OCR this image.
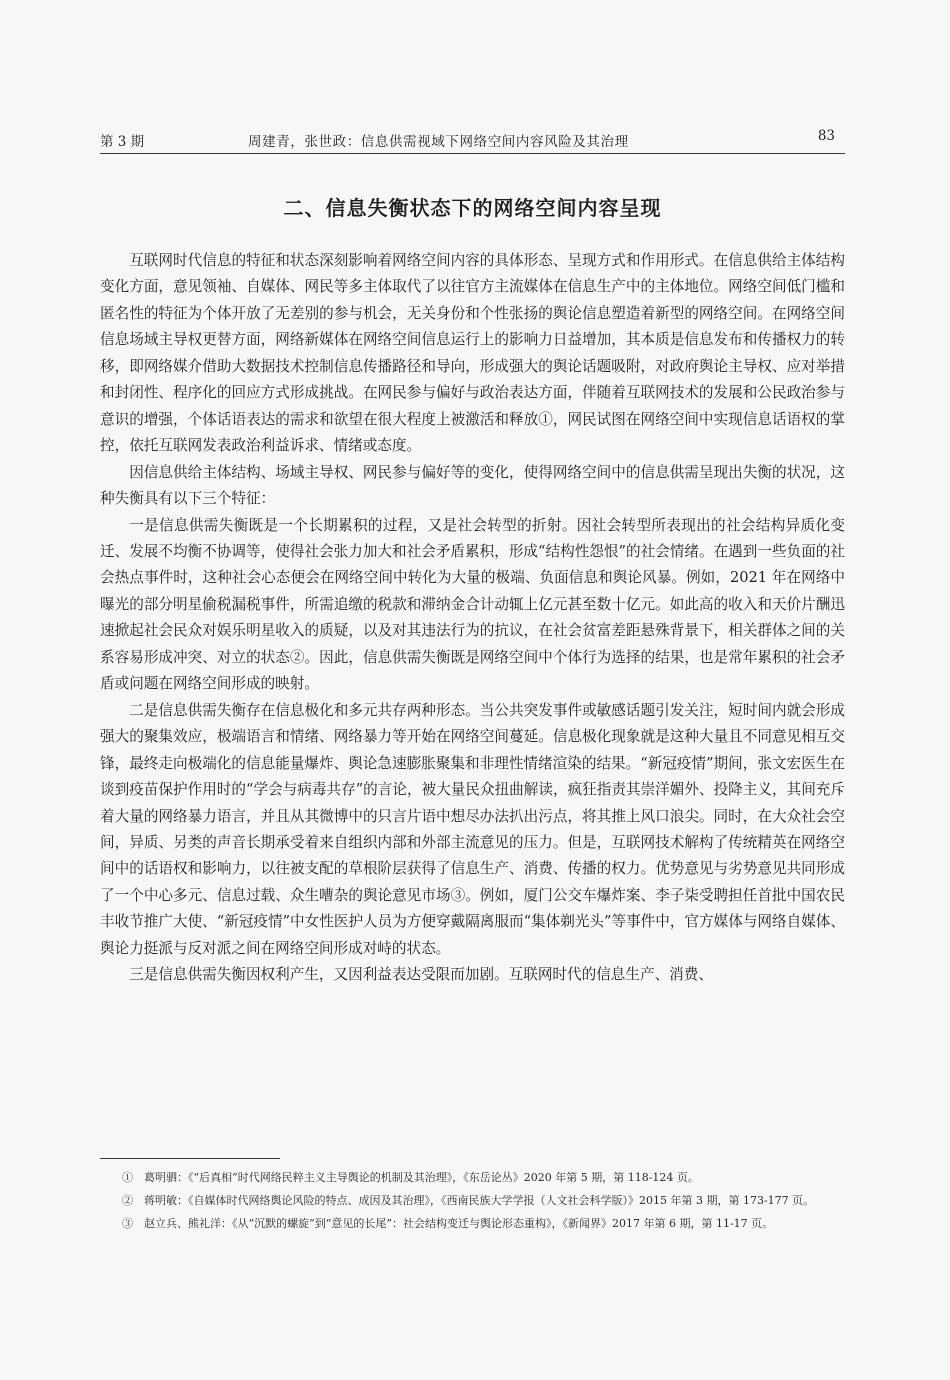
第 3 期	周建青，张世政：信息供需视域下网络空间内容风险及其治理	83
二、信息失衡状态下的网络空间内容呈现

互联网时代信息的特征和状态深刻影响着网络空间内容的具体形态、呈现方式和作用形式。在信息供给主体结构变化方面，意见领袖、自媒体、网民等多主体取代了以往官方主流媒体在信息生产中的主体地位。网络空间低门槛和匿名性的特征为个体开放了无差别的参与机会，无关身份和个性张扬的舆论信息塑造着新型的网络空间。在网络空间信息场域主导权更替方面，网络新媒体在网络空间信息运行上的影响力日益增加，其本质是信息发布和传播权力的转移，即网络媒介借助大数据技术控制信息传播路径和导向，形成强大的舆论话题吸附，对政府舆论主导权、应对举措和封闭性、程序化的回应方式形成挑战。在网民参与偏好与政治表达方面，伴随着互联网技术的发展和公民政治参与意识的增强，个体话语表达的需求和欲望在很大程度上被激活和释放①，网民试图在网络空间中实现信息话语权的掌控，依托互联网发表政治利益诉求、情绪或态度。

因信息供给主体结构、场域主导权、网民参与偏好等的变化，使得网络空间中的信息供需呈现出失衡的状况，这种失衡具有以下三个特征：

一是信息供需失衡既是一个长期累积的过程，又是社会转型的折射。因社会转型所表现出的社会结构异质化变迁、发展不均衡不协调等，使得社会张力加大和社会矛盾累积，形成“结构性怨恨”的社会情绪。在遇到一些负面的社会热点事件时，这种社会心态便会在网络空间中转化为大量的极端、负面信息和舆论风暴。例如，2021 年在网络中曝光的部分明星偷税漏税事件，所需追缴的税款和滞纳金合计动辄上亿元甚至数十亿元。如此高的收入和天价片酬迅速掀起社会民众对娱乐明星收入的质疑，以及对其违法行为的抗议，在社会贫富差距悬殊背景下，相关群体之间的关系容易形成冲突、对立的状态②。因此，信息供需失衡既是网络空间中个体行为选择的结果，也是常年累积的社会矛盾或问题在网络空间形成的映射。

二是信息供需失衡存在信息极化和多元共存两种形态。当公共突发事件或敏感话题引发关注，短时间内就会形成强大的聚集效应，极端语言和情绪、网络暴力等开始在网络空间蔓延。信息极化现象就是这种大量且不同意见相互交锋，最终走向极端化的信息能量爆炸、舆论急速膨胀聚集和非理性情绪渲染的结果。“新冠疫情”期间，张文宏医生在谈到疫苗保护作用时的“学会与病毒共存”的言论，被大量民众扭曲解读，疯狂指责其崇洋媚外、投降主义，其间充斥着大量的网络暴力语言，并且从其微博中的只言片语中想尽办法扒出污点，将其推上风口浪尖。同时，在大众社会空间，异质、另类的声音长期承受着来自组织内部和外部主流意见的压力。但是，互联网技术解构了传统精英在网络空间中的话语权和影响力，以往被支配的草根阶层获得了信息生产、消费、传播的权力。优势意见与劣势意见共同形成了一个中心多元、信息过载、众生嘈杂的舆论意见市场③。例如，厦门公交车爆炸案、李子柒受聘担任首批中国农民丰收节推广大使、“新冠疫情”中女性医护人员为方便穿戴隔离服而“集体剃光头”等事件中，官方媒体与网络自媒体、舆论力挺派与反对派之间在网络空间形成对峙的状态。

三是信息供需失衡因权利产生，又因利益表达受限而加剧。互联网时代的信息生产、消费、

①　葛明驷：《“后真相”时代网络民粹主义主导舆论的机制及其治理》，《东岳论丛》2020 年第 5 期，第 118-124 页。

②　蒋明敏：《自媒体时代网络舆论风险的特点、成因及其治理》，《西南民族大学学报（人文社会科学版）》2015 年第 3 期，第 173-177 页。

③　赵立兵、熊礼洋：《从“沉默的螺旋”到“意见的长尾”：社会结构变迁与舆论形态重构》，《新闻界》2017 年第 6 期，第 11-17 页。
